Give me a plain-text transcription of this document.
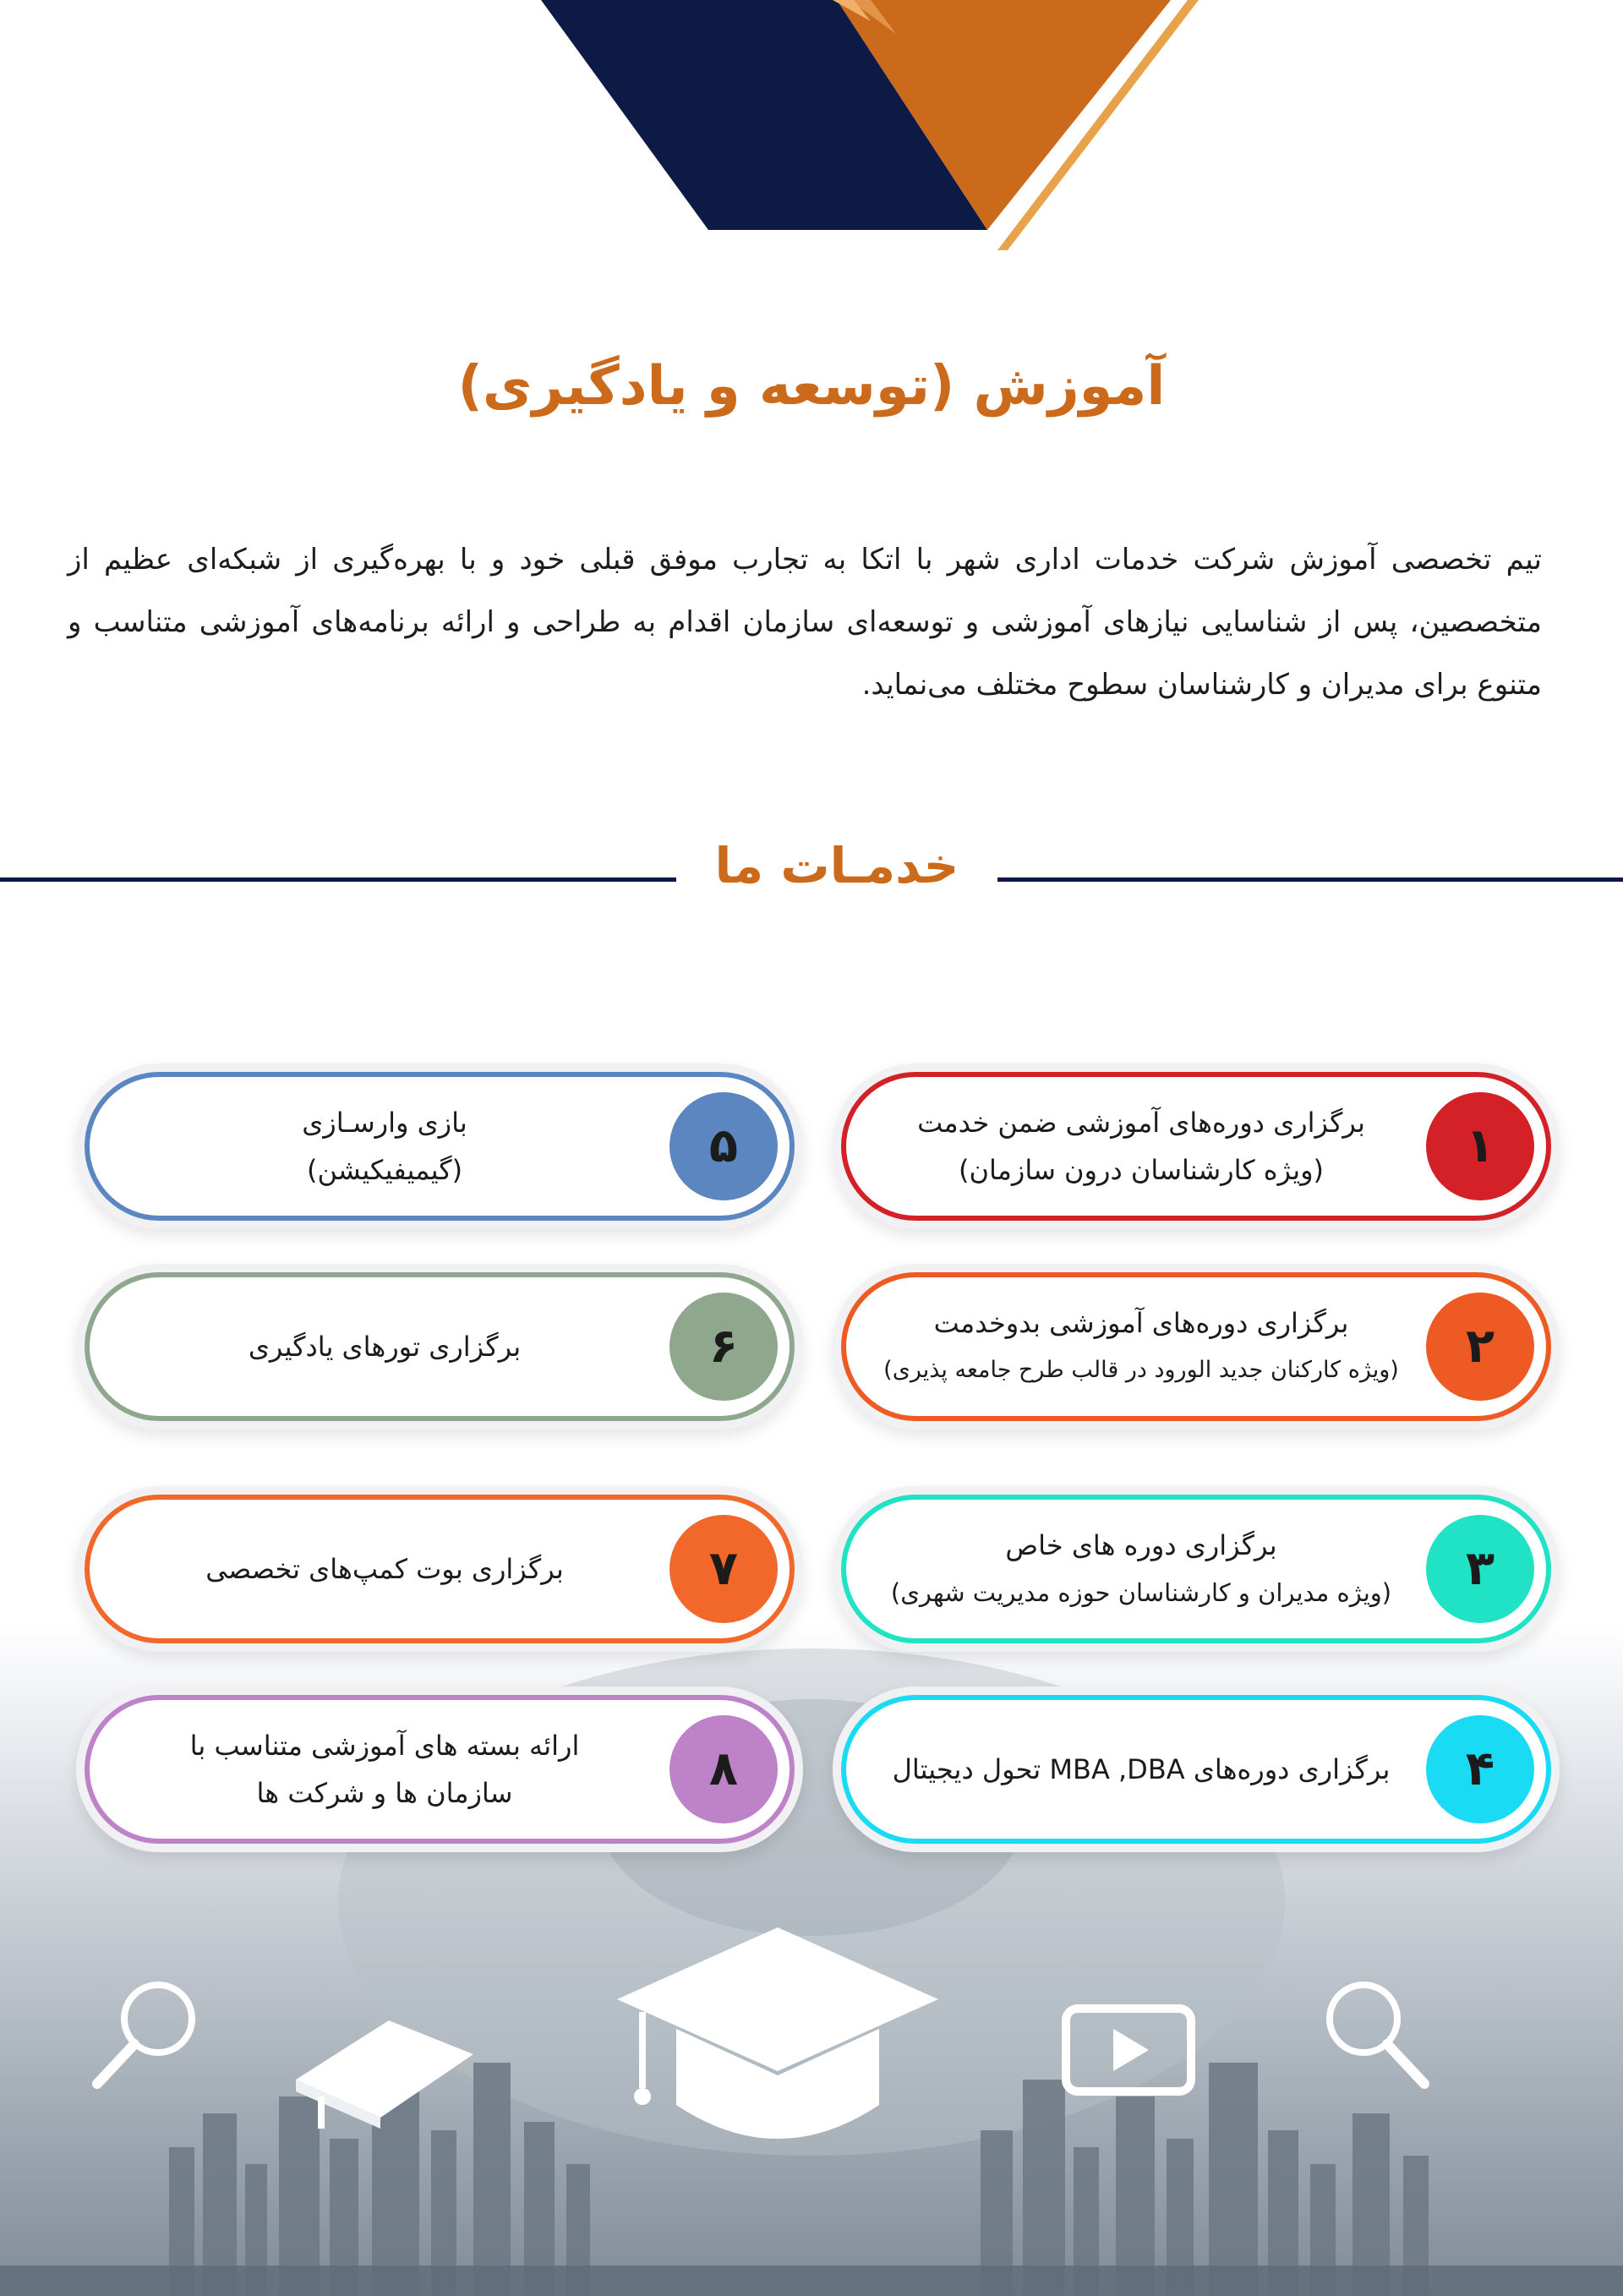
آموزش (توسعه و یادگیری)

تیم تخصصی آموزش شرکت خدمات اداری شهر با اتکا به تجارب موفق قبلی خود و با بهره‌گیری از شبکه‌ای عظیم از متخصصین، پس از شناسایی نیازهای آموزشی و توسعه‌ای سازمان اقدام به طراحی و ارائه برنامه‌های آموزشی متناسب و متنوع برای مدیران و کارشناسان سطوح مختلف می‌نماید.

خدمـات ما
۱
برگزاری دوره‌های آموزشی ضمن خدمت
(ویژه کارشناسان درون سازمان)
۲
برگزاری دوره‌های آموزشی بدوخدمت
(ویژه کارکنان جدید الورود در قالب طرح جامعه پذیری)
۳
برگزاری دوره های خاص
(ویژه مدیران و کارشناسان حوزه مدیریت شهری)
۴
برگزاری دوره‌های MBA ,DBA تحول دیجیتال
۵
بازی وارسـازی
(گیمیفیکیشن)
۶
برگزاری تورهای یادگیری
۷
برگزاری بوت کمپ‌های تخصصی
۸
ارائه بسته های آموزشی متناسب با
سازمان ها و شرکت ها
